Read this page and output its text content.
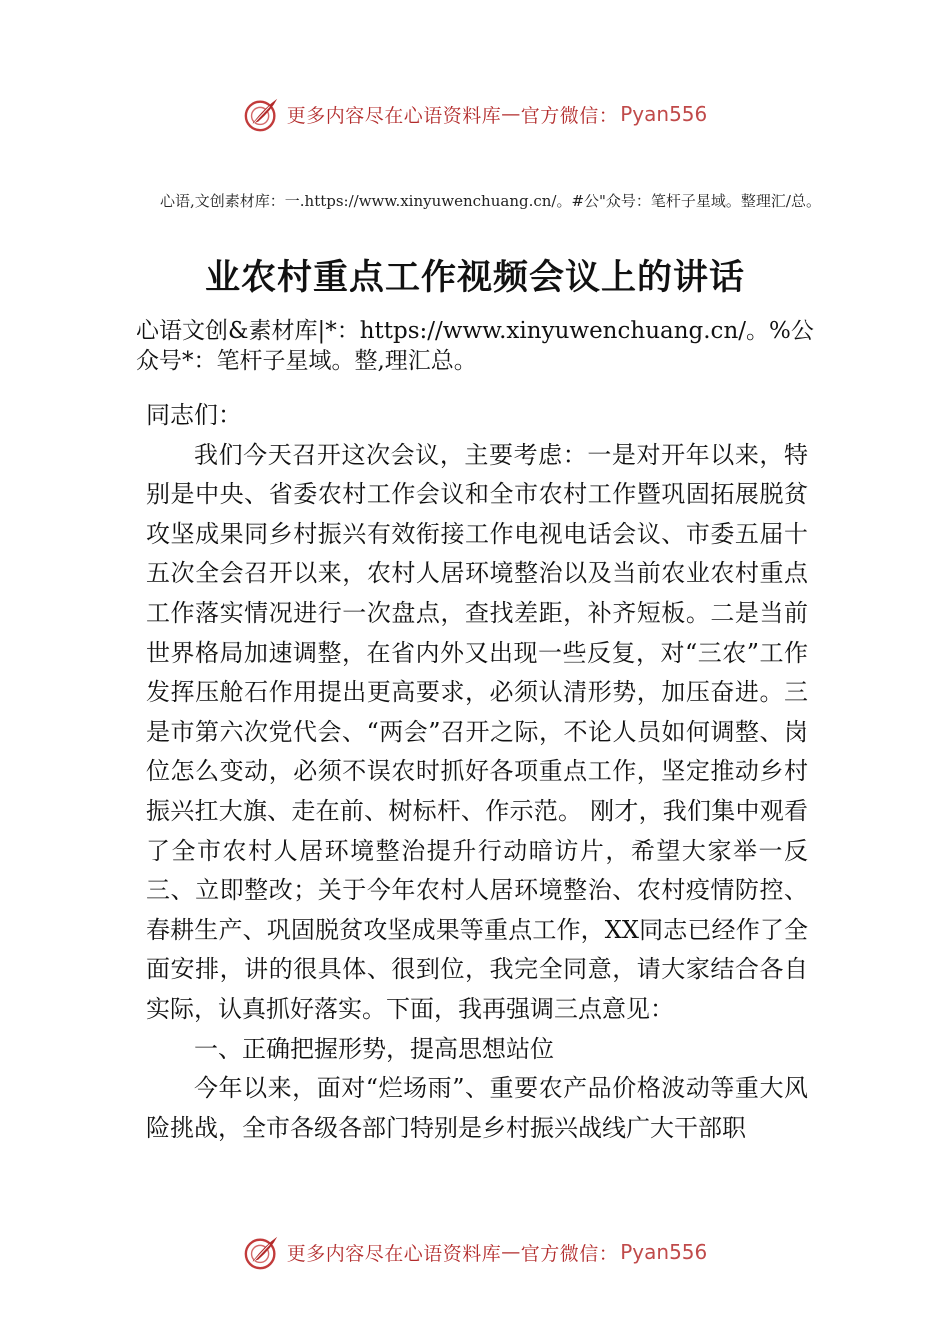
更多内容尽在心语资料库 — 官方微信： Pyan556
心语,文创素材库：一.https://www.xinyuwenchuang.cn/。#公"众号：笔杆子星域。整理汇/总。
业农村重点工作视频会议上的讲话
心语文创&素材库|*：https://www.xinyuwenchuang.cn/。%公众号*：笔杆子星域。整,理汇总。

同志们：

我们今天召开这次会议，主要考虑：一是对开年以来，特别是中央、省委农村工作会议和全市农村工作暨巩固拓展脱贫攻坚成果同乡村振兴有效衔接工作电视电话会议、市委五届十五次全会召开以来，农村人居环境整治以及当前农业农村重点工作落实情况进行一次盘点，查找差距，补齐短板。二是当前世界格局加速调整，在省内外又出现一些反复，对“三农”工作发挥压舱石作用提出更高要求，必须认清形势，加压奋进。三是市第六次党代会、“两会”召开之际，不论人员如何调整、岗位怎么变动，必须不误农时抓好各项重点工作，坚定推动乡村振兴扛大旗、走在前、树标杆、作示范。 刚才，我们集中观看了全市农村人居环境整治提升行动暗访片，希望大家举一反三、立即整改；关于今年农村人居环境整治、农村疫情防控、春耕生产、巩固脱贫攻坚成果等重点工作，XX同志已经作了全面安排，讲的很具体、很到位，我完全同意，请大家结合各自实际，认真抓好落实。下面，我再强调三点意见：

一、正确把握形势，提高思想站位

今年以来，面对“烂场雨”、重要农产品价格波动等重大风险挑战，全市各级各部门特别是乡村振兴战线广大干部职

更多内容尽在心语资料库 — 官方微信： Pyan556
